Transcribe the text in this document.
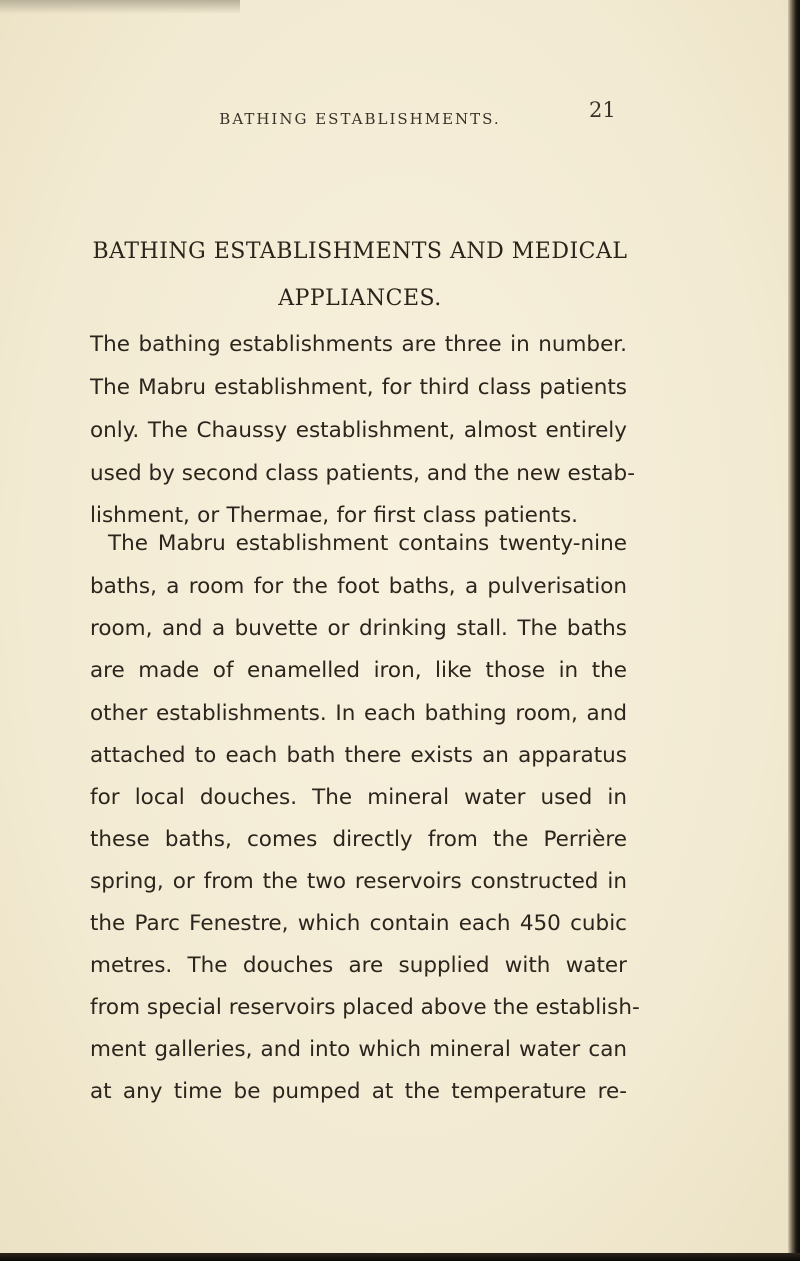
BATHING ESTABLISHMENTS.	21
BATHING ESTABLISHMENTS AND MEDICAL
APPLIANCES.
The bathing establishments are three in number.
The Mabru establishment, for third class patients
only. The Chaussy establishment, almost entirely
used by second class patients, and the new estab-
lishment, or Thermae, for first class patients.
The Mabru establishment contains twenty-nine
baths, a room for the foot baths, a pulverisation
room, and a buvette or drinking stall. The baths
are made of enamelled iron, like those in the
other establishments. In each bathing room, and
attached to each bath there exists an apparatus
for local douches. The mineral water used in
these baths, comes directly from the Perrière
spring, or from the two reservoirs constructed in
the Parc Fenestre, which contain each 450 cubic
metres. The douches are supplied with water
from special reservoirs placed above the establish-
ment galleries, and into which mineral water can
at any time be pumped at the temperature re-
